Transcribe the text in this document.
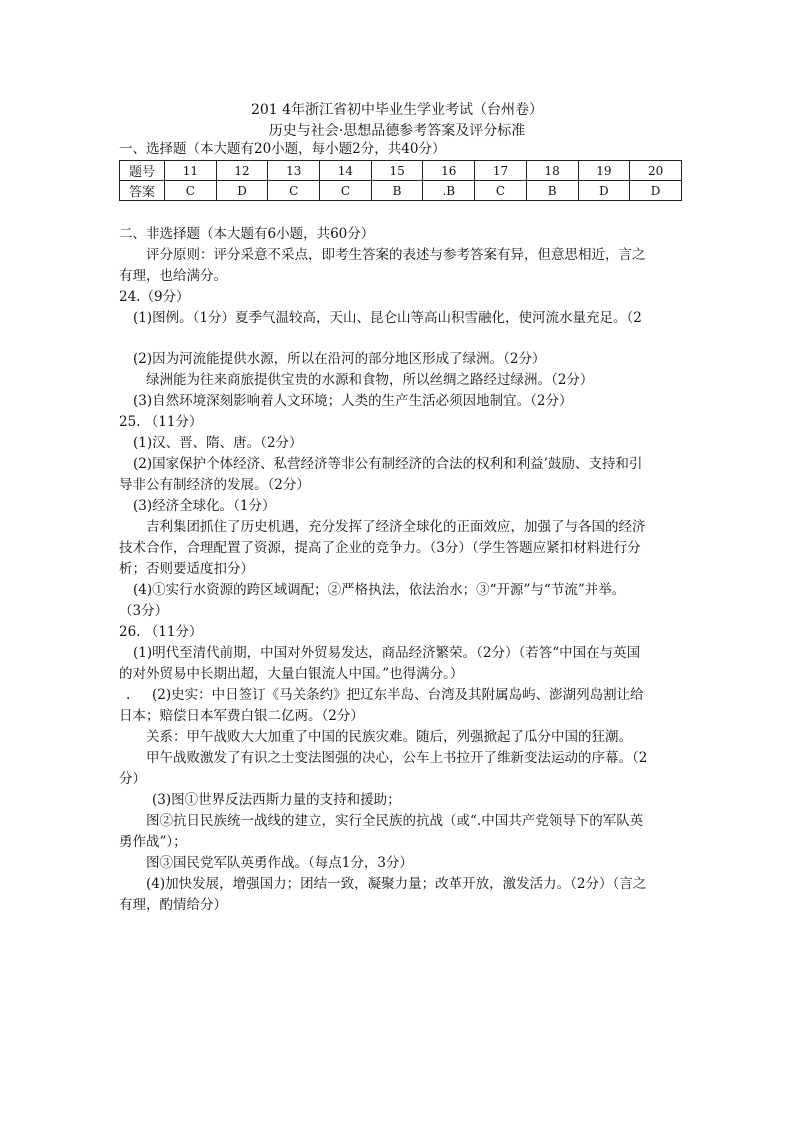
201 4年浙江省初中毕业生学业考试（台州卷）
历史与社会·思想品德参考答案及评分标准
一、选择题（本大题有20小题，每小题2分，共40分）
题号	11	12	13	14	15	16	17	18	19	20
答案	C	D	C	C	B	.B	C	B	D	D
二、非选择题（本大题有6小题，共60分）
评分原则：评分采意不采点，即考生答案的表述与参考答案有异，但意思相近，言之
有理，也给满分。
24.（9分）
(1)图例。（1分）夏季气温较高，天山、昆仑山等高山积雪融化，使河流水量充足。（2
(2)因为河流能提供水源，所以在沿河的部分地区形成了绿洲。（2分）
绿洲能为往来商旅提供宝贵的水源和食物，所以丝绸之路经过绿洲。（2分）
(3)自然环境深刻影响着人文环境；人类的生产生活必须因地制宜。（2分）
25. （11分）
(1)汉、晋、隋、唐。（2分）
(2)国家保护个体经济、私营经济等非公有制经济的合法的权利和利益’鼓励、支持和引
导非公有制经济的发展。（2分）
(3)经济全球化。（1分）
吉利集团抓住了历史机遇，充分发挥了经济全球化的正面效应，加强了与各国的经济
技术合作，合理配置了资源，提高了企业的竞争力。（3分）（学生答题应紧扣材料进行分
析；否则要适度扣分）
(4)①实行水资源的跨区域调配；②严格执法，依法治水；③“开源”与“节流”并举。
（3分）
26. （11分）
(1)明代至清代前期，中国对外贸易发达，商品经济繁荣。（2分）（若答“中国在与英国
的对外贸易中长期出超，大量白银流人中国。”也得满分。）
. (2)史实：中日签订《马关条约》把辽东半岛、台湾及其附属岛屿、澎湖列岛割让给
日本；赔偿日本军费白银二亿两。（2分）
关系：甲午战败大大加重了中国的民族灾难。随后，列强掀起了瓜分中国的狂潮。
甲午战败激发了有识之士变法图强的决心，公车上书拉开了维新变法运动的序幕。（2
分）
(3)图①世界反法西斯力量的支持和援助；
图②抗日民族统一战线的建立，实行全民族的抗战（或“.中国共产党领导下的军队英
勇作战”）；
图③国民党军队英勇作战。（每点1分，3分）
(4)加快发展，增强国力；团结一致，凝聚力量；改革开放，激发活力。（2分）（言之
有理，酌情给分）
